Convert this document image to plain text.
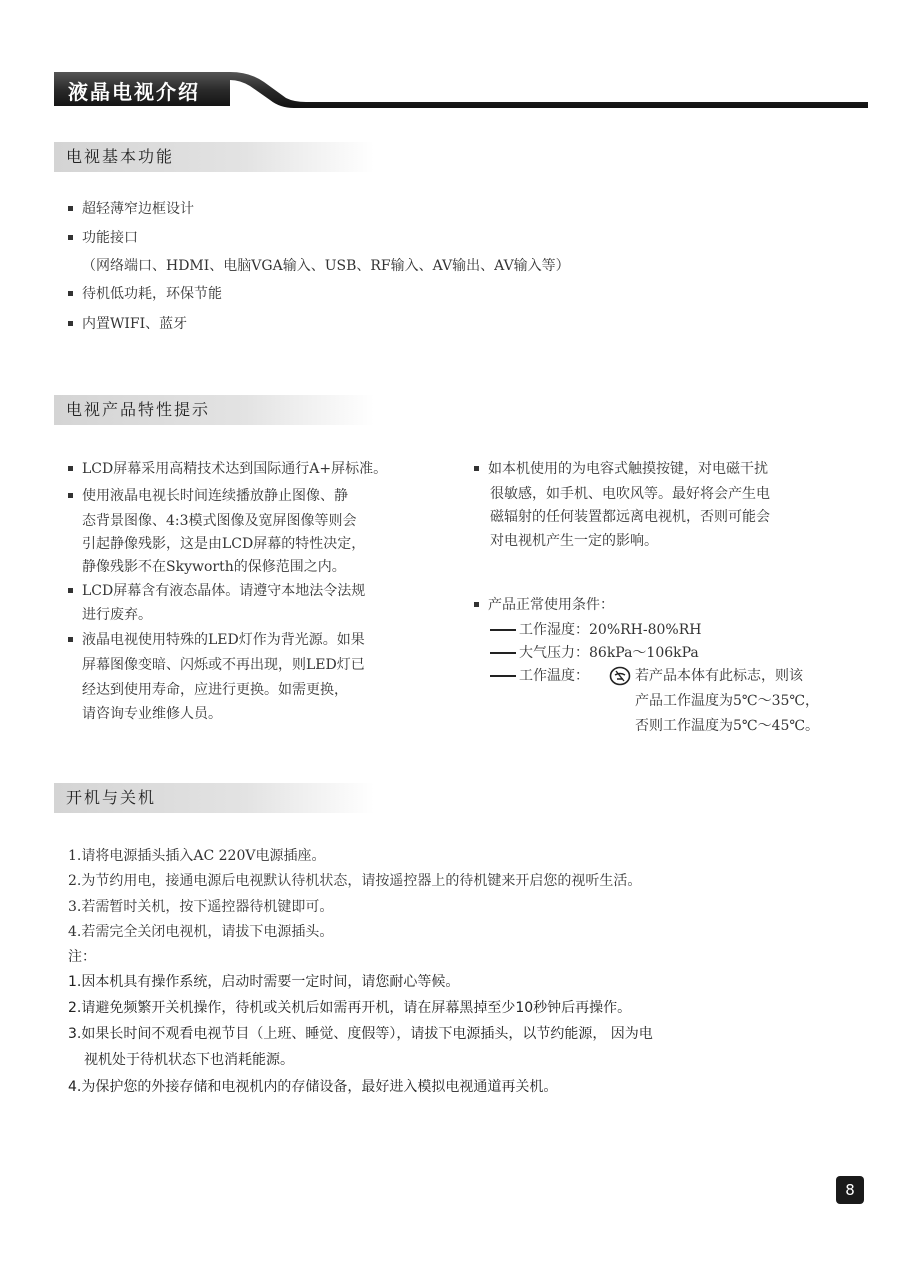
液晶电视介绍
电视基本功能
超轻薄窄边框设计
功能接口
（网络端口、HDMI、电脑VGA输入、USB、RF输入、AV输出、AV输入等）
待机低功耗，环保节能
内置WIFI、蓝牙
电视产品特性提示
LCD屏幕采用高精技术达到国际通行A+屏标准。
使用液晶电视长时间连续播放静止图像、静
态背景图像、4:3模式图像及宽屏图像等则会
引起静像残影，这是由LCD屏幕的特性决定，
静像残影不在Skyworth的保修范围之内。
LCD屏幕含有液态晶体。请遵守本地法令法规
进行废弃。
液晶电视使用特殊的LED灯作为背光源。如果
屏幕图像变暗、闪烁或不再出现，则LED灯已
经达到使用寿命，应进行更换。如需更换，
请咨询专业维修人员。
如本机使用的为电容式触摸按键，对电磁干扰
很敏感，如手机、电吹风等。最好将会产生电
磁辐射的任何装置都远离电视机，否则可能会
对电视机产生一定的影响。
产品正常使用条件：
工作湿度：20%RH-80%RH
大气压力：86kPa～106kPa
工作温度：	若产品本体有此标志，则该
产品工作温度为5℃～35℃，
否则工作温度为5℃～45℃。
开机与关机
1.请将电源插头插入AC 220V电源插座。
2.为节约用电，接通电源后电视默认待机状态，请按遥控器上的待机键来开启您的视听生活。
3.若需暂时关机，按下遥控器待机键即可。
4.若需完全关闭电视机，请拔下电源插头。
注：
1.因本机具有操作系统，启动时需要一定时间，请您耐心等候。
2.请避免频繁开关机操作，待机或关机后如需再开机，请在屏幕黑掉至少10秒钟后再操作。
3.如果长时间不观看电视节目（上班、睡觉、度假等），请拔下电源插头，以节约能源， 因为电
视机处于待机状态下也消耗能源。
4.为保护您的外接存储和电视机内的存储设备，最好进入模拟电视通道再关机。
8
